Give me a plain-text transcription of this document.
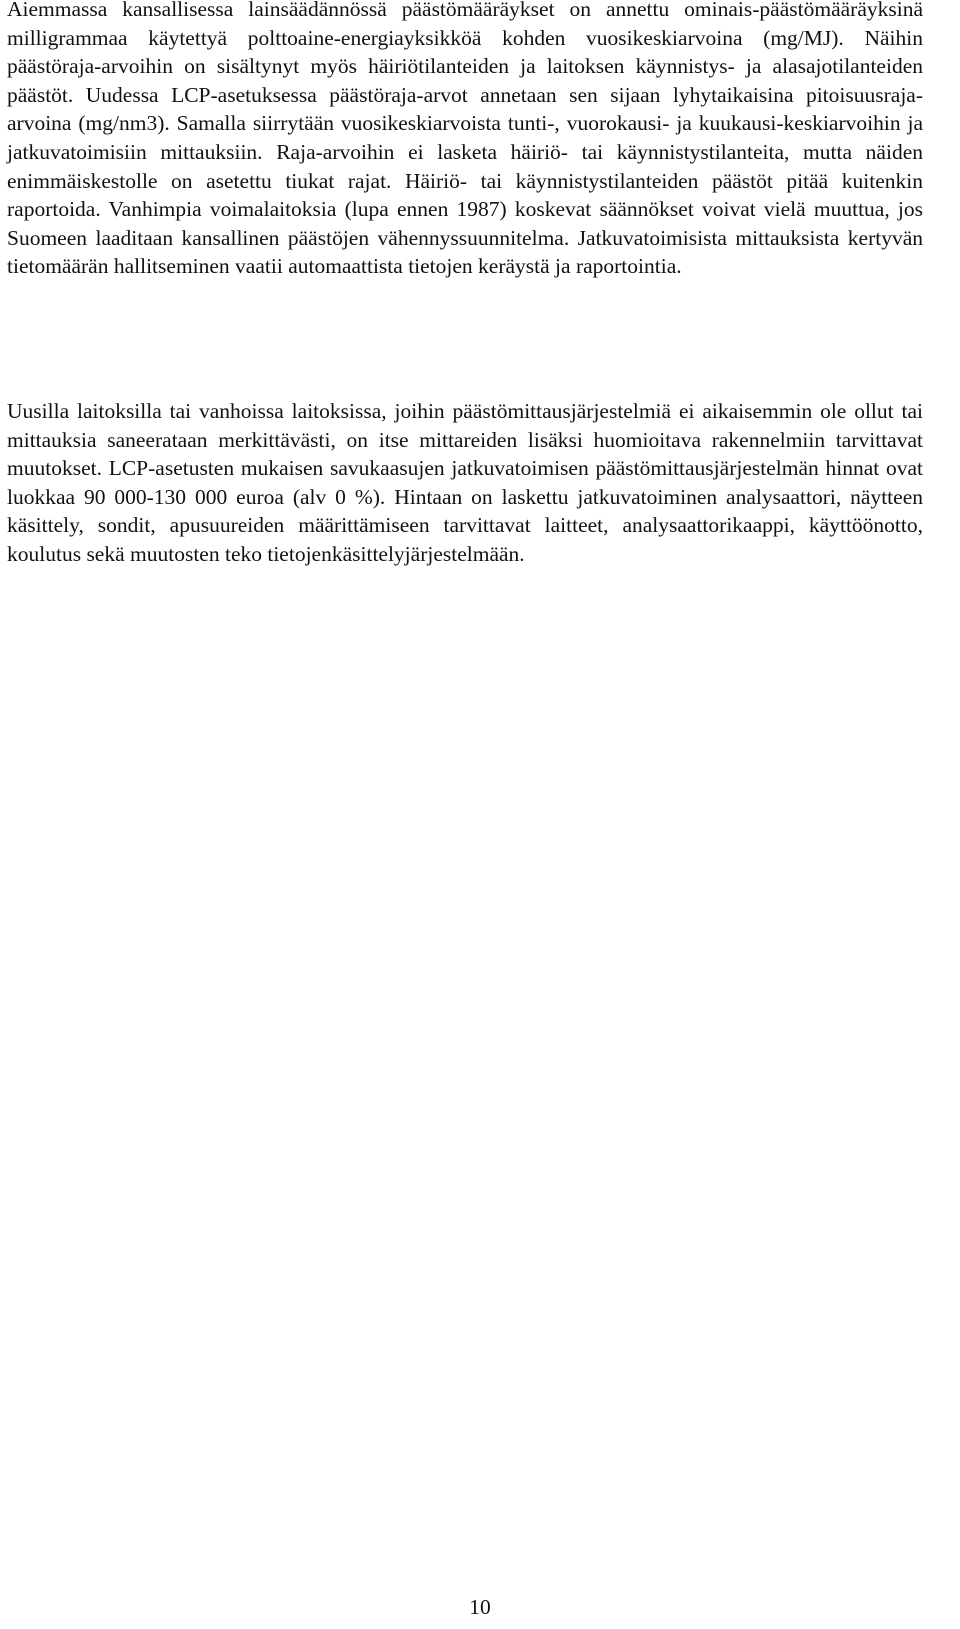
Aiemmassa kansallisessa lainsäädännössä päästömääräykset on annettu ominais-päästömääräyksinä milligrammaa käytettyä polttoaine-energiayksikköä kohden vuosikeskiarvoina (mg/MJ). Näihin päästöraja-arvoihin on sisältynyt myös häiriötilanteiden ja laitoksen käynnistys- ja alasajotilanteiden päästöt. Uudessa LCP-asetuksessa päästöraja-arvot annetaan sen sijaan lyhytaikaisina pitoisuusraja-arvoina (mg/nm3). Samalla siirrytään vuosikeskiarvoista tunti-, vuorokausi- ja kuukausi-keskiarvoihin ja jatkuvatoimisiin mittauksiin. Raja-arvoihin ei lasketa häiriö- tai käynnistystilanteita, mutta näiden enimmäiskestolle on asetettu tiukat rajat. Häiriö- tai käynnistystilanteiden päästöt pitää kuitenkin raportoida. Vanhimpia voimalaitoksia (lupa ennen 1987) koskevat säännökset voivat vielä muuttua, jos Suomeen laaditaan kansallinen päästöjen vähennyssuunnitelma. Jatkuvatoimisista mittauksista kertyvän tietomäärän hallitseminen vaatii automaattista tietojen keräystä ja raportointia.

Uusilla laitoksilla tai vanhoissa laitoksissa, joihin päästömittausjärjestelmiä ei aikaisemmin ole ollut tai mittauksia saneerataan merkittävästi, on itse mittareiden lisäksi huomioitava rakennelmiin tarvittavat muutokset. LCP-asetusten mukaisen savukaasujen jatkuvatoimisen päästömittausjärjestelmän hinnat ovat luokkaa 90 000-130 000 euroa (alv 0 %). Hintaan on laskettu jatkuvatoiminen analysaattori, näytteen käsittely, sondit, apusuureiden määrittämiseen tarvittavat laitteet, analysaattorikaappi, käyttöönotto, koulutus sekä muutosten teko tietojenkäsittelyjärjestelmään.

10
